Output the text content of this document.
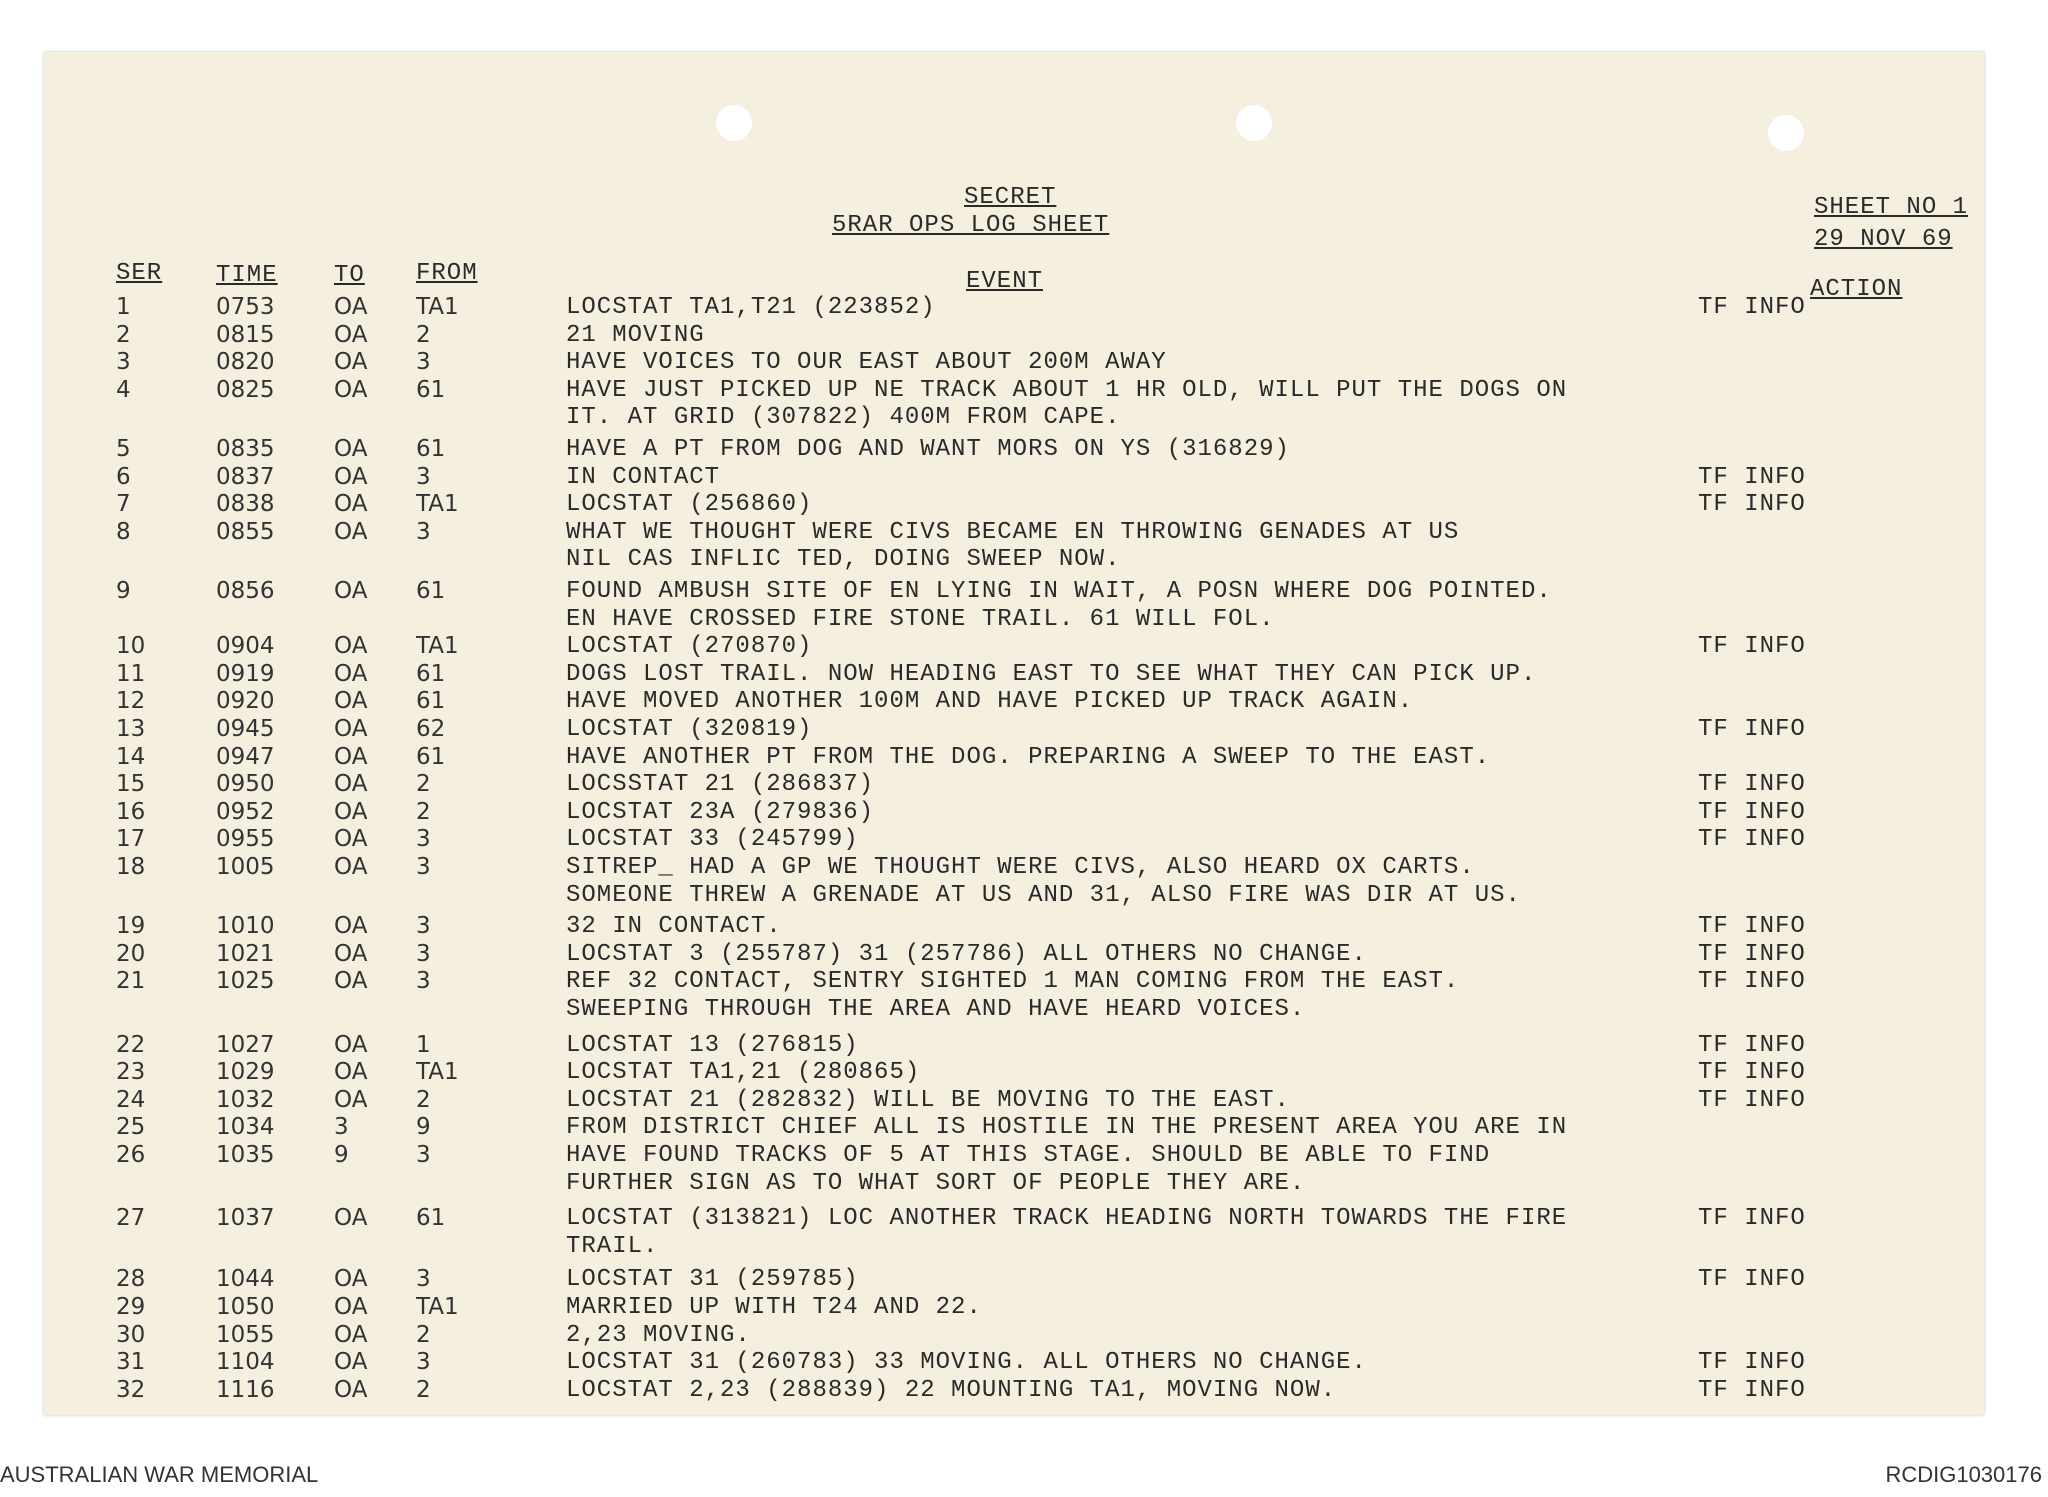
SECRET
5RAR OPS LOG SHEET
SHEET NO 1
29 NOV 69
SER TIME TO FROM	EVENT	ACTION
1	0753	OA TA1	LOCSTAT TA1,T21 (223852)	TF INFO
2	0815	OA 2	21 MOVING
3	0820	OA 3	HAVE VOICES TO OUR EAST ABOUT 200M AWAY
4	0825	OA 61	HAVE JUST PICKED UP NE TRACK ABOUT 1 HR OLD, WILL PUT THE DOGS ON
IT. AT GRID (307822) 400M FROM CAPE.
5	0835	OA 61	HAVE A PT FROM DOG AND WANT MORS ON YS (316829)
6	0837	OA 3	IN CONTACT	TF INFO
7	0838	OA TA1	LOCSTAT (256860)	TF INFO
8	0855	OA 3	WHAT WE THOUGHT WERE CIVS BECAME EN THROWING GENADES AT US
NIL CAS INFLIC TED, DOING SWEEP NOW.
9	0856	OA 61	FOUND AMBUSH SITE OF EN LYING IN WAIT, A POSN WHERE DOG POINTED.
EN HAVE CROSSED FIRE STONE TRAIL. 61 WILL FOL.
10	0904	OA TA1	LOCSTAT (270870)	TF INFO
11	0919	OA 61	DOGS LOST TRAIL. NOW HEADING EAST TO SEE WHAT THEY CAN PICK UP.
12	0920	OA 61	HAVE MOVED ANOTHER 100M AND HAVE PICKED UP TRACK AGAIN.
13	0945	OA 62	LOCSTAT (320819)	TF INFO
14	0947	OA 61	HAVE ANOTHER PT FROM THE DOG. PREPARING A SWEEP TO THE EAST.
15	0950	OA 2	LOCSSTAT 21 (286837)	TF INFO
16	0952	OA 2	LOCSTAT 23A (279836)	TF INFO
17	0955	OA 3	LOCSTAT 33 (245799)	TF INFO
18	1005	OA 3	SITREP_ HAD A GP WE THOUGHT WERE CIVS, ALSO HEARD OX CARTS.
SOMEONE THREW A GRENADE AT US AND 31, ALSO FIRE WAS DIR AT US.
19	1010	OA 3	32 IN CONTACT.	TF INFO
20	1021	OA 3	LOCSTAT 3 (255787) 31 (257786) ALL OTHERS NO CHANGE.	TF INFO
21	1025	OA 3	REF 32 CONTACT, SENTRY SIGHTED 1 MAN COMING FROM THE EAST.
SWEEPING THROUGH THE AREA AND HAVE HEARD VOICES.
TF INFO
22	1027	OA 1	LOCSTAT 13 (276815)	TF INFO
23	1029	OA TA1	LOCSTAT TA1,21 (280865)	TF INFO
24	1032	OA 2	LOCSTAT 21 (282832) WILL BE MOVING TO THE EAST.	TF INFO
25	1034	3	9	FROM DISTRICT CHIEF ALL IS HOSTILE IN THE PRESENT AREA YOU ARE IN
26	1035	9	3	HAVE FOUND TRACKS OF 5 AT THIS STAGE. SHOULD BE ABLE TO FIND
FURTHER SIGN AS TO WHAT SORT OF PEOPLE THEY ARE.
27	1037	OA 61	LOCSTAT (313821) LOC ANOTHER TRACK HEADING NORTH TOWARDS THE FIRE
TRAIL.
TF INFO
28	1044	OA 3	LOCSTAT 31 (259785)	TF INFO
29	1050	OA TA1	MARRIED UP WITH T24 AND 22.
30	1055	OA 2	2,23 MOVING.
31	1104	OA 3	LOCSTAT 31 (260783) 33 MOVING. ALL OTHERS NO CHANGE.	TF INFO
32	1116	OA 2	LOCSTAT 2,23 (288839) 22 MOUNTING TA1, MOVING NOW.	TF INFO
AUSTRALIAN WAR MEMORIAL	RCDIG1030176
